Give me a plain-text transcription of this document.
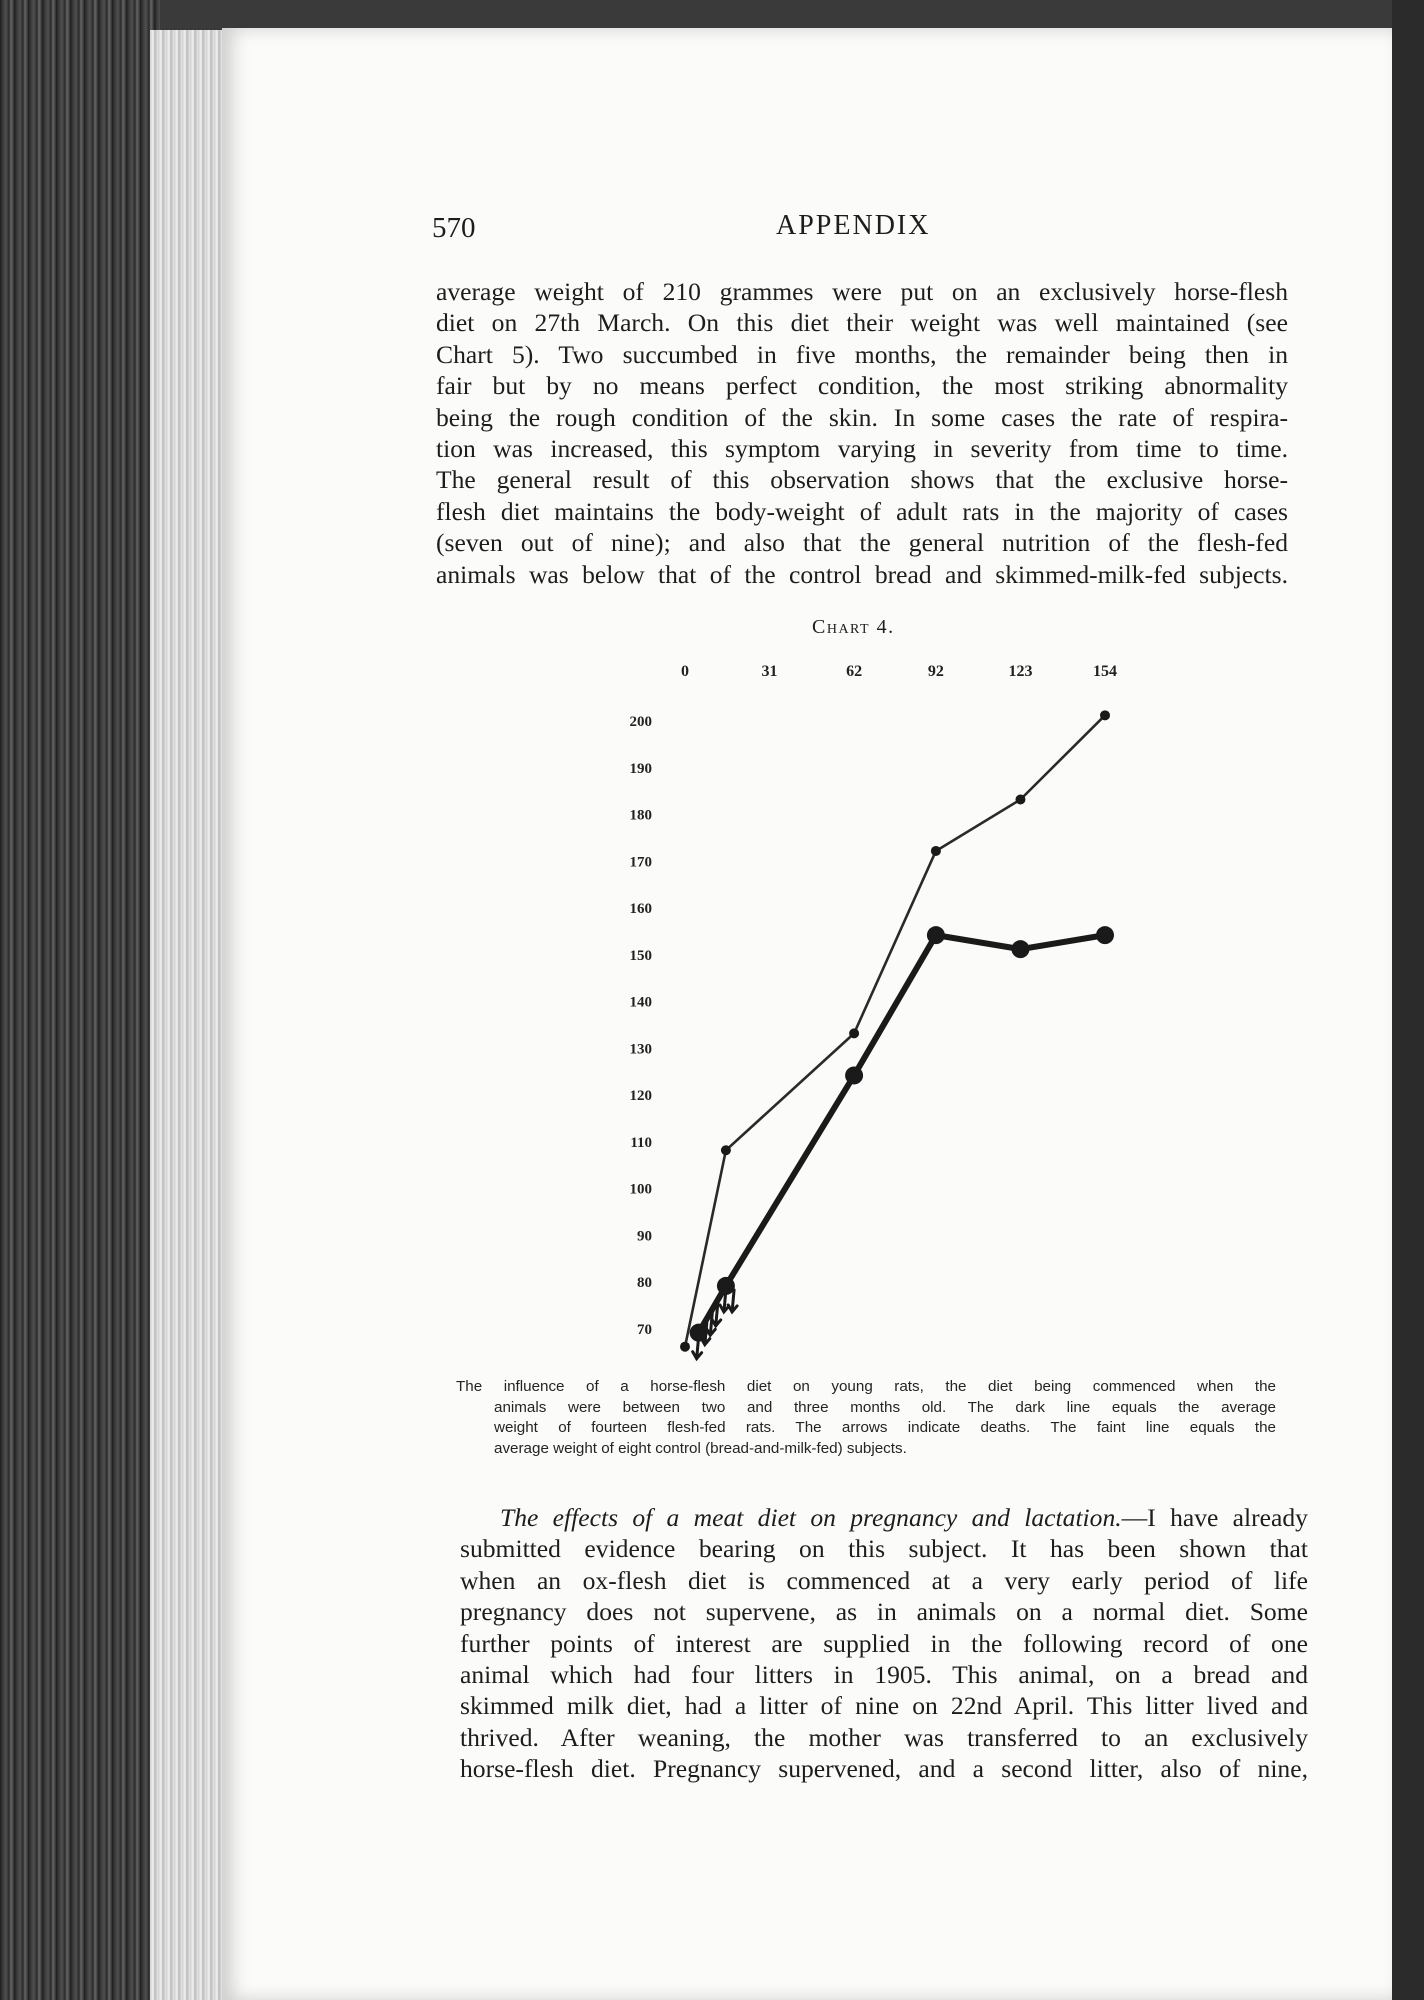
570	APPENDIX
average weight of 210 grammes were put on an exclusively horse-flesh
diet on 27th March. On this diet their weight was well maintained (see
Chart 5). Two succumbed in five months, the remainder being then in
fair but by no means perfect condition, the most striking abnormality
being the rough condition of the skin. In some cases the rate of respira-
tion was increased, this symptom varying in severity from time to time.
The general result of this observation shows that the exclusive horse-
flesh diet maintains the body-weight of adult rats in the majority of cases
(seven out of nine); and also that the general nutrition of the flesh-fed
animals was below that of the control bread and skimmed-milk-fed subjects.
Chart 4.
0	31	62	92	123	154
200
190
180
170
160
150
140
130
120
110
100
90
80
70
The influence of a horse-flesh diet on young rats, the diet being commenced when the
animals were between two and three months old. The dark line equals the average
weight of fourteen flesh-fed rats. The arrows indicate deaths. The faint line equals the
average weight of eight control (bread-and-milk-fed) subjects.
The effects of a meat diet on pregnancy and lactation.—I have already
submitted evidence bearing on this subject. It has been shown that
when an ox-flesh diet is commenced at a very early period of life
pregnancy does not supervene, as in animals on a normal diet. Some
further points of interest are supplied in the following record of one
animal which had four litters in 1905. This animal, on a bread and
skimmed milk diet, had a litter of nine on 22nd April. This litter lived and
thrived. After weaning, the mother was transferred to an exclusively
horse-flesh diet. Pregnancy supervened, and a second litter, also of nine,
